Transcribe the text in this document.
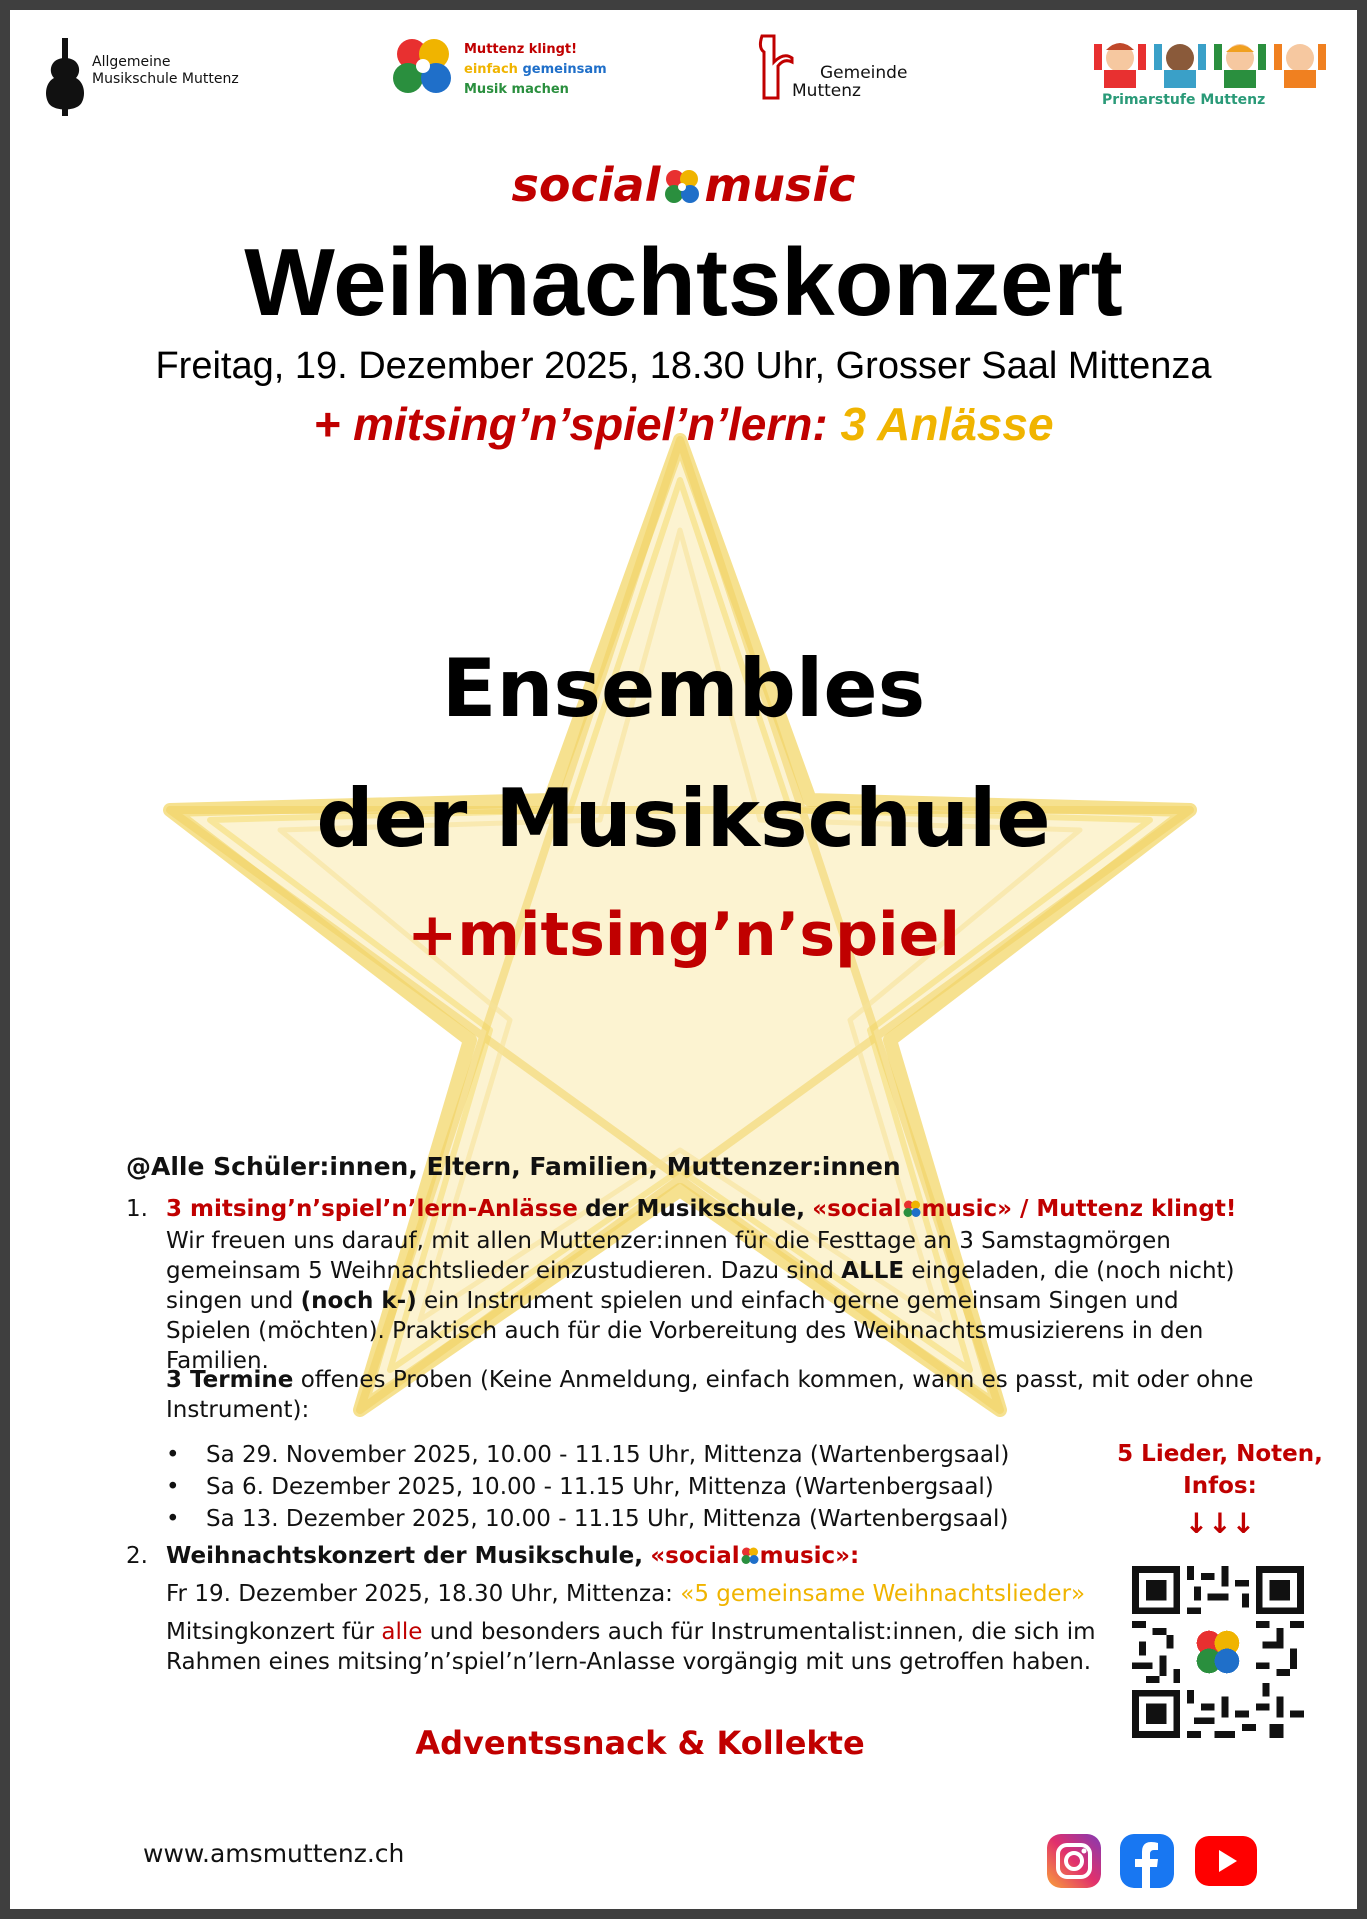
Allgemeine
Musikschule Muttenz
Muttenz klingt!
einfach gemeinsam
Musik machen
Gemeinde
Muttenz	Primarstufe Muttenz
social music
Weihnachtskonzert
Freitag, 19. Dezember 2025, 18.30 Uhr, Grosser Saal Mittenza
+ mitsing’n’spiel’n’lern: 3 Anlässe
Ensembles
der Musikschule
+mitsing’n’spiel
@Alle Schüler:innen, Eltern, Familien, Muttenzer:innen
1. 3 mitsing’n’spiel’n’lern-Anlässe der Musikschule, «social music» / Muttenz klingt!
Wir freuen uns darauf, mit allen Muttenzer:innen für die Festtage an 3 Samstagmörgen gemeinsam 5 Weihnachtslieder einzustudieren. Dazu sind ALLE eingeladen, die (noch nicht) singen und (noch k-) ein Instrument spielen und einfach gerne gemeinsam Singen und Spielen (möchten). Praktisch auch für die Vorbereitung des Weihnachtsmusizierens in den Familien.
3 Termine offenes Proben (Keine Anmeldung, einfach kommen, wann es passt, mit oder ohne Instrument):
• Sa 29. November 2025, 10.00 - 11.15 Uhr, Mittenza (Wartenbergsaal)
• Sa 6. Dezember 2025, 10.00 - 11.15 Uhr, Mittenza (Wartenbergsaal)
• Sa 13. Dezember 2025, 10.00 - 11.15 Uhr, Mittenza (Wartenbergsaal)
2. Weihnachtskonzert der Musikschule, «social music»:
Fr 19. Dezember 2025, 18.30 Uhr, Mittenza: «5 gemeinsame Weihnachtslieder»
Mitsingkonzert für alle und besonders auch für Instrumentalist:innen, die sich im Rahmen eines mitsing’n’spiel’n’lern-Anlasse vorgängig mit uns getroffen haben.
Adventssnack & Kollekte
5 Lieder, Noten,
Infos:
↓↓↓
www.amsmuttenz.ch
